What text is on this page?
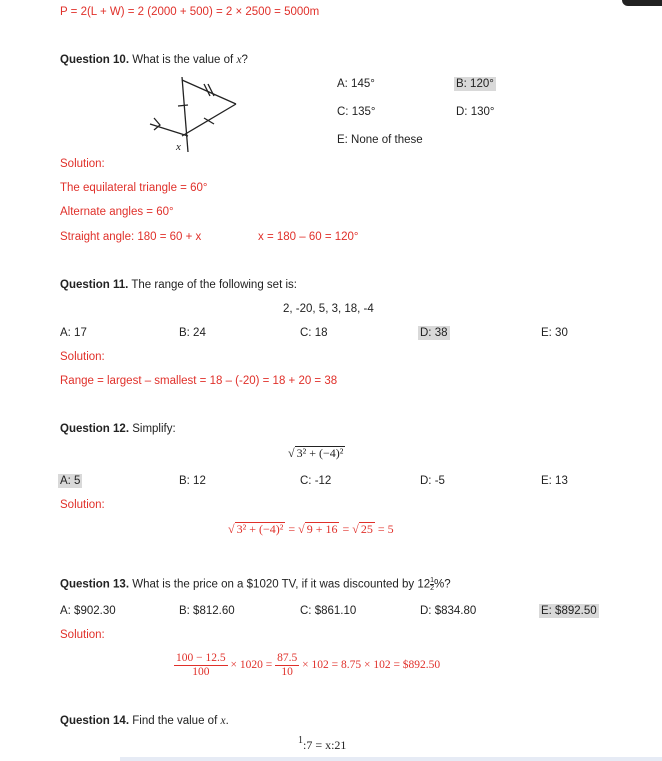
P = 2(L + W) = 2 (2000 + 500) = 2 × 2500 = 5000m
Question 10. What is the value of x?
x
A: 145°	B: 120°
C: 135°	D: 130°
E: None of these
Solution:
The equilateral triangle = 60°
Alternate angles = 60°
Straight angle: 180 = 60 + x	x = 180 – 60 = 120°
Question 11. The range of the following set is:
2, -20, 5, 3, 18, -4
A: 17	B: 24	C: 18	D: 38	E: 30
Solution:
Range = largest – smallest = 18 – (-20) = 18 + 20 = 38
Question 12. Simplify:
√ 3² + (−4)²
A: 5	B: 12	C: -12	D: -5	E: 13
Solution:
√ 3² + (−4)² = √ 9 + 16 = √ 25 = 5
Question 13. What is the price on a $1020 TV, if it was discounted by $12 \frac{1}{2}$ %?
A: $902.30	B: $812.60	C: $861.10	D: $834.80	E: $892.50
Solution:
$\frac{100 - 12.5}{100} \times 1020 = \frac{87.5}{10} \times 102 = 8.75 \times 102$ = $892.50
Question 14. Find the value of x.
$^1$:7 = x:21
